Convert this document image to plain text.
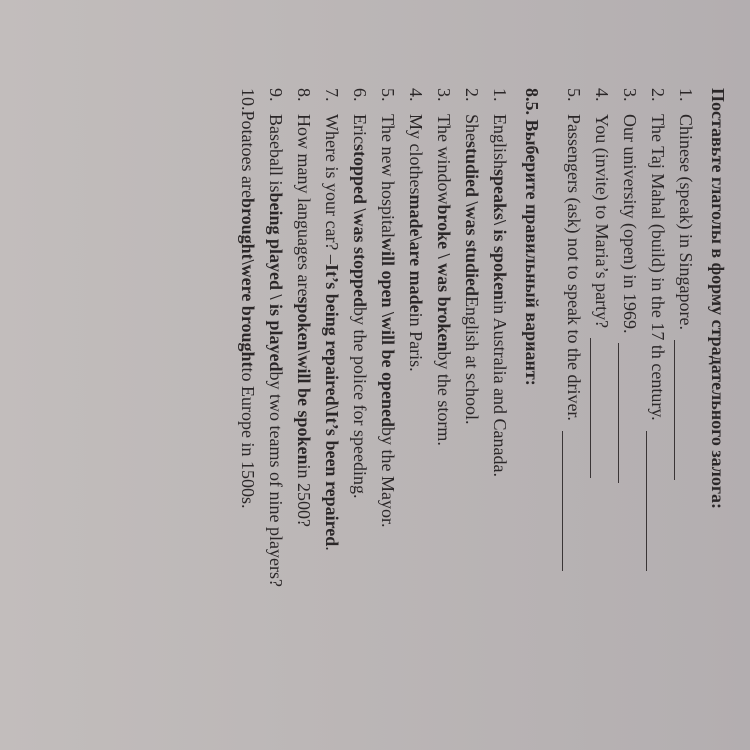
Поставьте глаголы в форму страдательного залога:
1.
Chinese (speak) in Singapore.
2.
The Taj Mahal (build) in the 17 th century.
3.
Our university (open) in 1969.
4.
You (invite) to Maria’s party?
5.
Passengers (ask) not to speak to the driver.
8.5. Выберите правильный вариант:
1.
English
speaks\ is spoken
in Australia and Canada.
2.
She
studied \was studied
English at school.
3.
The window
broke \ was broken
by the storm.
4.
My clothes
made\are made
in Paris.
5.
The new hospital
will open \will be opened
by the Mayor.
6.
Eric
stopped \was stopped
by the police for speeding.
7.
Where is your car? –
It’s being repaired\It’s been repaired
.
8.
How many languages are
spoken\will be spoken
in 2500?
9.
Baseball is
being played \ is played
by two teams of nine players?
10.
Potatoes are
brought\were brought
to Europe in 1500s.
